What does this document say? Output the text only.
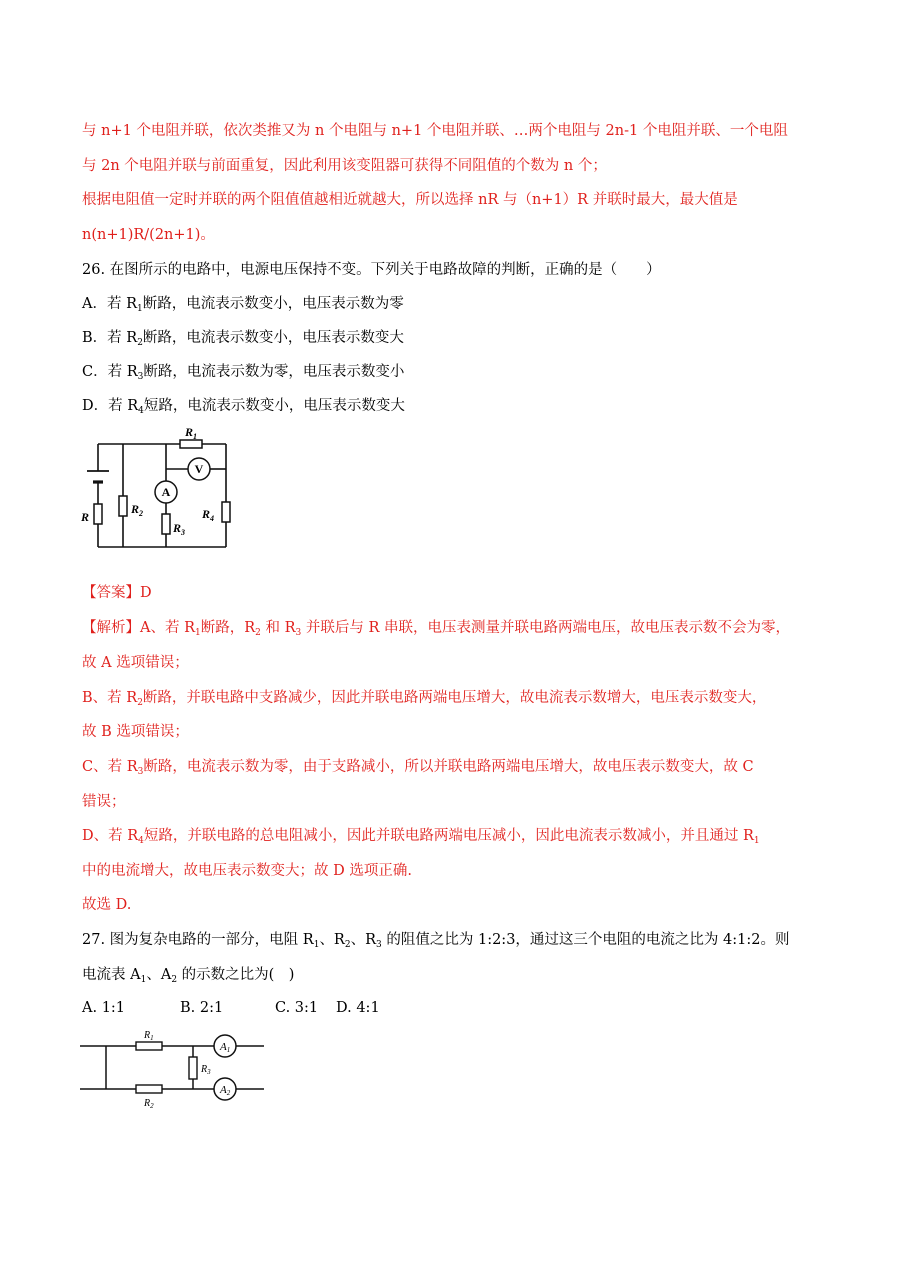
与 n+1 个电阻并联，依次类推又为 n 个电阻与 n+1 个电阻并联、…两个电阻与 2n-1 个电阻并联、一个电阻
与 2n 个电阻并联与前面重复，因此利用该变阻器可获得不同阻值的个数为 n 个；
根据电阻值一定时并联的两个阻值值越相近就越大，所以选择 nR 与（n+1）R 并联时最大，最大值是
n(n+1)R/(2n+1)。
26. 在图所示的电路中，电源电压保持不变。下列关于电路故障的判断，正确的是（　　）
A．若 $R_1$断路，电流表示数变小，电压表示数为零
B．若 $R_2$断路，电流表示数变小，电压表示数变大
C．若 $R_3$断路，电流表示数为零，电压表示数变小
D．若 $R_4$短路，电流表示数变小，电压表示数变大
A
V
R
$R_1$
$R_2$
$R_3$
$R_4$
【答案】D
【解析】A、若 $R_1$断路，$R_2$ 和 $R_3$ 并联后与 R 串联，电压表测量并联电路两端电压，故电压表示数不会为零，
故 A 选项错误；
B、若 $R_2$断路，并联电路中支路减少，因此并联电路两端电压增大，故电流表示数增大，电压表示数变大，
故 B 选项错误；
C、若 $R_3$断路，电流表示数为零，由于支路减小，所以并联电路两端电压增大，故电压表示数变大，故 C
错误；
D、若 $R_4$短路，并联电路的总电阻减小，因此并联电路两端电压减小，因此电流表示数减小，并且通过 $R_1$
中的电流增大，故电压表示数变大；故 D 选项正确.
故选 D.
27. 图为复杂电路的一部分，电阻 $R_1$、$R_2$、$R_3$ 的阻值之比为 1:2:3，通过这三个电阻的电流之比为 4:1:2。则
电流表 $A_1$、$A_2$ 的示数之比为(　)
A. 1:1	B. 2:1	C. 3:1 D. 4:1
A1
A2
$R_1$
$R_2$
$R_3$
